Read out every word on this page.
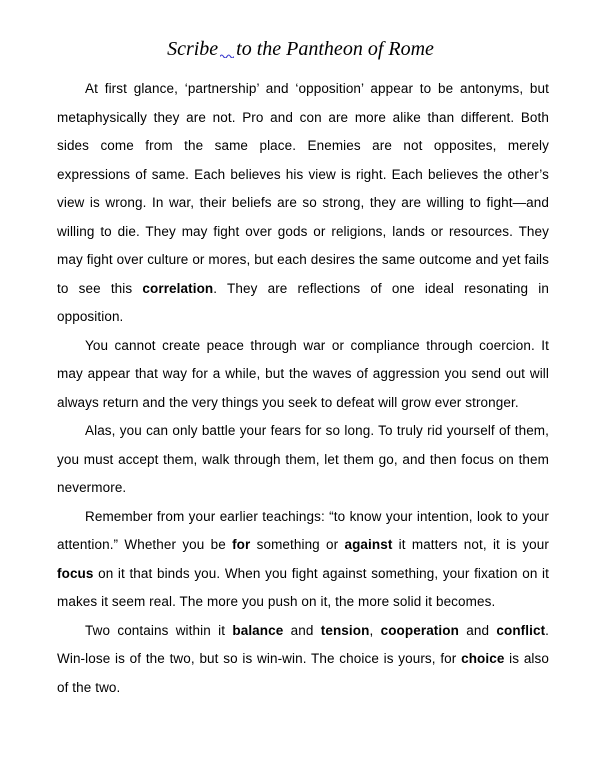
Scribe to the Pantheon of Rome

At first glance, ‘partnership’ and ‘opposition’ appear to be antonyms, but metaphysically they are not. Pro and con are more alike than different. Both sides come from the same place. Enemies are not opposites, merely expressions of same. Each believes his view is right. Each believes the other’s view is wrong. In war, their beliefs are so strong, they are willing to fight—and willing to die. They may fight over gods or religions, lands or resources. They may fight over culture or mores, but each desires the same outcome and yet fails to see this correlation. They are reflections of one ideal resonating in opposition.

You cannot create peace through war or compliance through coercion. It may appear that way for a while, but the waves of aggression you send out will always return and the very things you seek to defeat will grow ever stronger.

Alas, you can only battle your fears for so long. To truly rid yourself of them, you must accept them, walk through them, let them go, and then focus on them nevermore.

Remember from your earlier teachings: “to know your intention, look to your attention.” Whether you be for something or against it matters not, it is your focus on it that binds you. When you fight against something, your fixation on it makes it seem real. The more you push on it, the more solid it becomes.

Two contains within it balance and tension, cooperation and conflict. Win-lose is of the two, but so is win-win. The choice is yours, for choice is also of the two.
